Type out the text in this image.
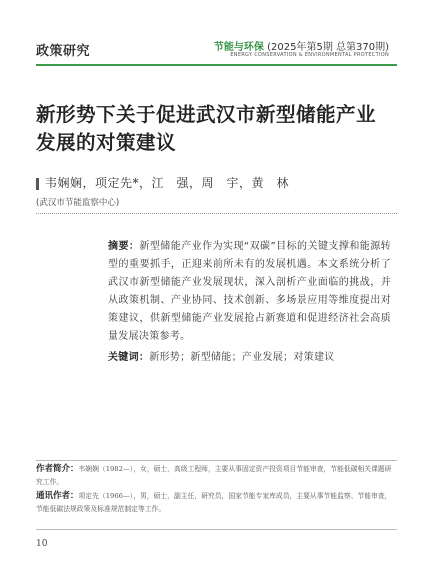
政策研究	节能与环保 (2025年第5期 总第370期)
ENERGY CONSERVATION & ENVIRONMENTAL PROTECTION
新形势下关于促进武汉市新型储能产业
发展的对策建议
韦娴娴，项定先*，江　强，周　宇，黄　林
(武汉市节能监察中心)
摘要：新型储能产业作为实现“双碳”目标的关键支撑和能源转型的重要抓手，正迎来前所未有的发展机遇。本文系统分析了武汉市新型储能产业发展现状，深入剖析产业面临的挑战，并从政策机制、产业协同、技术创新、多场景应用等维度提出对策建议，供新型储能产业发展抢占新赛道和促进经济社会高质量发展决策参考。
关键词：新形势；新型储能；产业发展；对策建议
作者简介：韦娴娴（1982—），女，硕士，高级工程师，主要从事固定资产投资项目节能审查，节能低碳相关课题研究工作。
通讯作者：项定先（1966—），男，硕士，副主任，研究员，国家节能专家库成员，主要从事节能监察、节能审查，节能低碳法规政策及标准规范制定等工作。
10
